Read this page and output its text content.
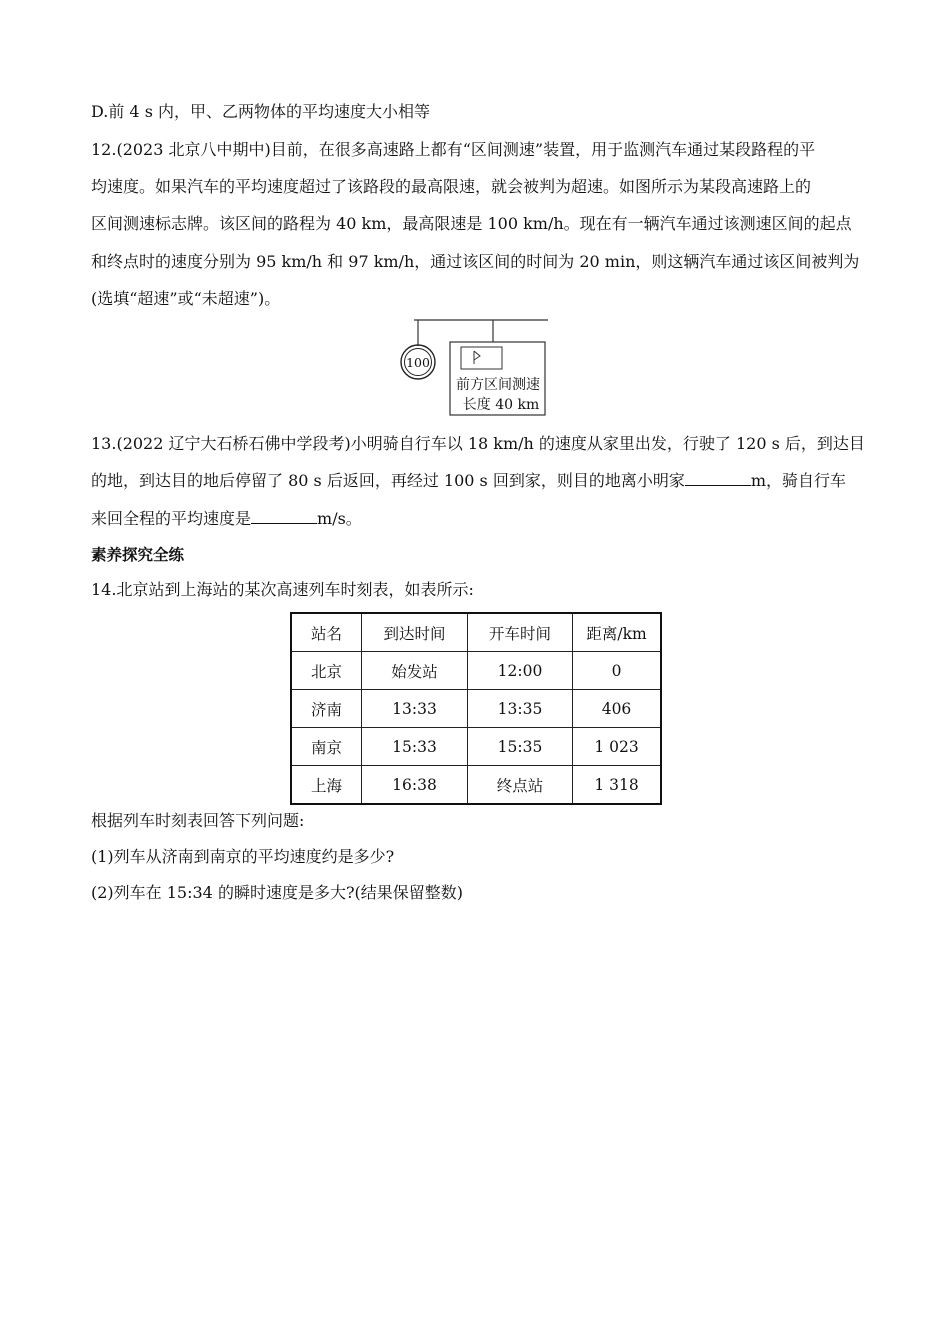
D.前 4 s 内，甲、乙两物体的平均速度大小相等
12.(2023 北京八中期中)目前，在很多高速路上都有“区间测速”装置，用于监测汽车通过某段路程的平
均速度。如果汽车的平均速度超过了该路段的最高限速，就会被判为超速。如图所示为某段高速路上的
区间测速标志牌。该区间的路程为 40 km，最高限速是 100 km/h。现在有一辆汽车通过该测速区间的起点
和终点时的速度分别为 95 km/h 和 97 km/h，通过该区间的时间为 20 min，则这辆汽车通过该区间被判为
(选填“超速”或“未超速”)。
100
前方区间测速
长度 40 km
13.(2022 辽宁大石桥石佛中学段考)小明骑自行车以 18 km/h 的速度从家里出发，行驶了 120 s 后，到达目
的地，到达目的地后停留了 80 s 后返回，再经过 100 s 回到家，则目的地离小明家	m，骑自行车
来回全程的平均速度是	m/s。
素养探究全练
14.北京站到上海站的某次高速列车时刻表，如表所示:
站名	到达时间	开车时间	距离/km
北京	始发站	12:00	0
济南	13:33	13:35	406
南京	15:33	15:35	1 023
上海	16:38	终点站	1 318
根据列车时刻表回答下列问题:
(1)列车从济南到南京的平均速度约是多少?
(2)列车在 15:34 的瞬时速度是多大?(结果保留整数)
